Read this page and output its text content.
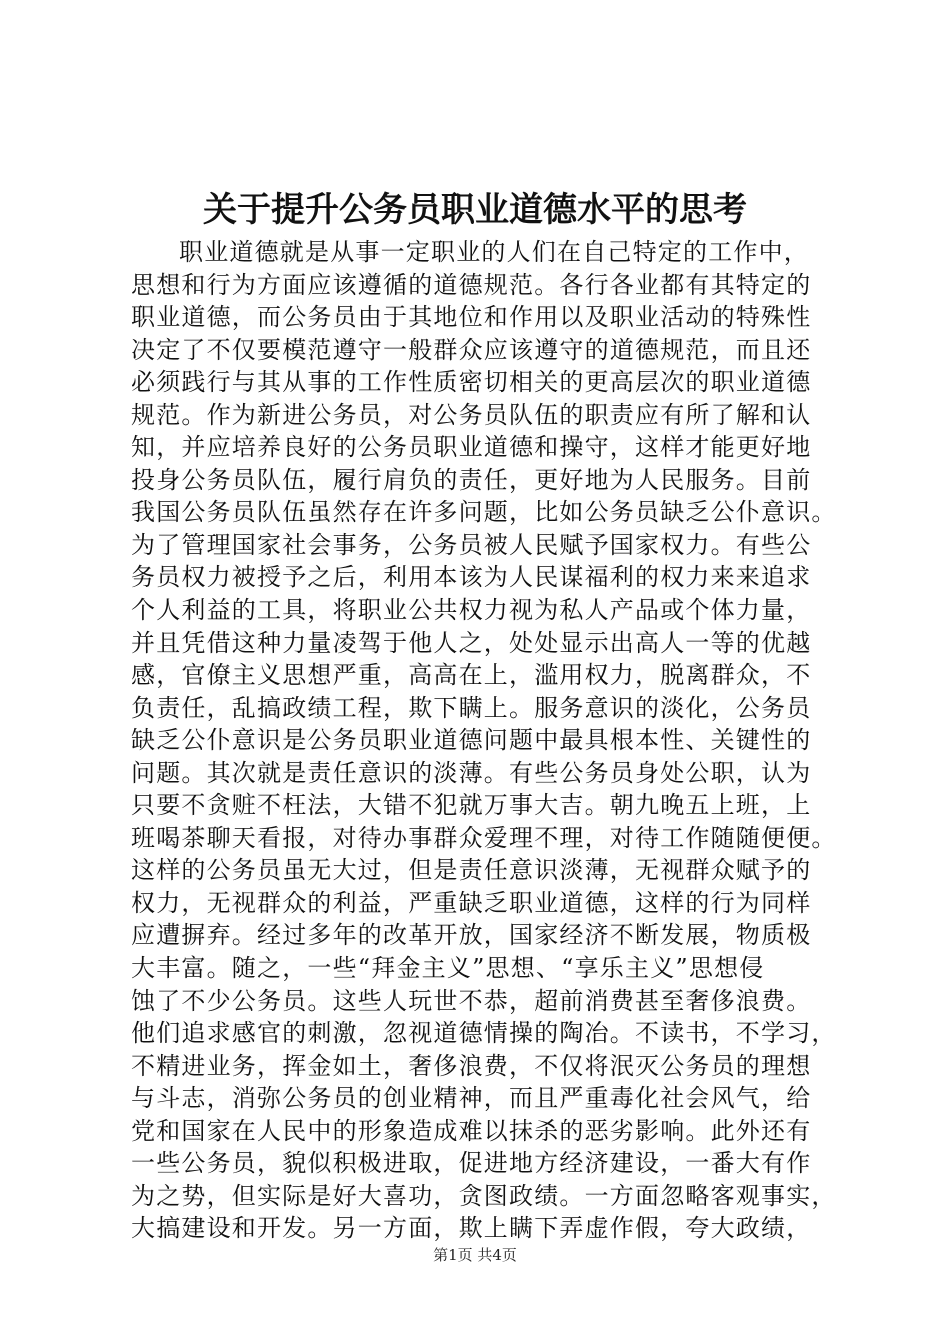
关于提升公务员职业道德水平的思考
职业道德就是从事一定职业的人们在自己特定的工作中，
思想和行为方面应该遵循的道德规范。各行各业都有其特定的
职业道德，而公务员由于其地位和作用以及职业活动的特殊性
决定了不仅要模范遵守一般群众应该遵守的道德规范，而且还
必须践行与其从事的工作性质密切相关的更高层次的职业道德
规范。作为新进公务员，对公务员队伍的职责应有所了解和认
知，并应培养良好的公务员职业道德和操守，这样才能更好地
投身公务员队伍，履行肩负的责任，更好地为人民服务。目前
我国公务员队伍虽然存在许多问题，比如公务员缺乏公仆意识。
为了管理国家社会事务，公务员被人民赋予国家权力。有些公
务员权力被授予之后，利用本该为人民谋福利的权力来来追求
个人利益的工具，将职业公共权力视为私人产品或个体力量，
并且凭借这种力量凌驾于他人之，处处显示出高人一等的优越
感，官僚主义思想严重，高高在上，滥用权力，脱离群众，不
负责任，乱搞政绩工程，欺下瞒上。服务意识的淡化，公务员
缺乏公仆意识是公务员职业道德问题中最具根本性、关键性的
问题。其次就是责任意识的淡薄。有些公务员身处公职，认为
只要不贪赃不枉法，大错不犯就万事大吉。朝九晚五上班，上
班喝茶聊天看报，对待办事群众爱理不理，对待工作随随便便。
这样的公务员虽无大过，但是责任意识淡薄，无视群众赋予的
权力，无视群众的利益，严重缺乏职业道德，这样的行为同样
应遭摒弃。经过多年的改革开放，国家经济不断发展，物质极
大丰富。随之，一些“拜金主义”思想、“享乐主义”思想侵
蚀了不少公务员。这些人玩世不恭，超前消费甚至奢侈浪费。
他们追求感官的刺激，忽视道德情操的陶冶。不读书，不学习，
不精进业务，挥金如土，奢侈浪费，不仅将泯灭公务员的理想
与斗志，消弥公务员的创业精神，而且严重毒化社会风气，给
党和国家在人民中的形象造成难以抹杀的恶劣影响。此外还有
一些公务员，貌似积极进取，促进地方经济建设，一番大有作
为之势，但实际是好大喜功，贪图政绩。一方面忽略客观事实，
大搞建设和开发。另一方面，欺上瞒下弄虚作假，夸大政绩，
第1页 共4页
